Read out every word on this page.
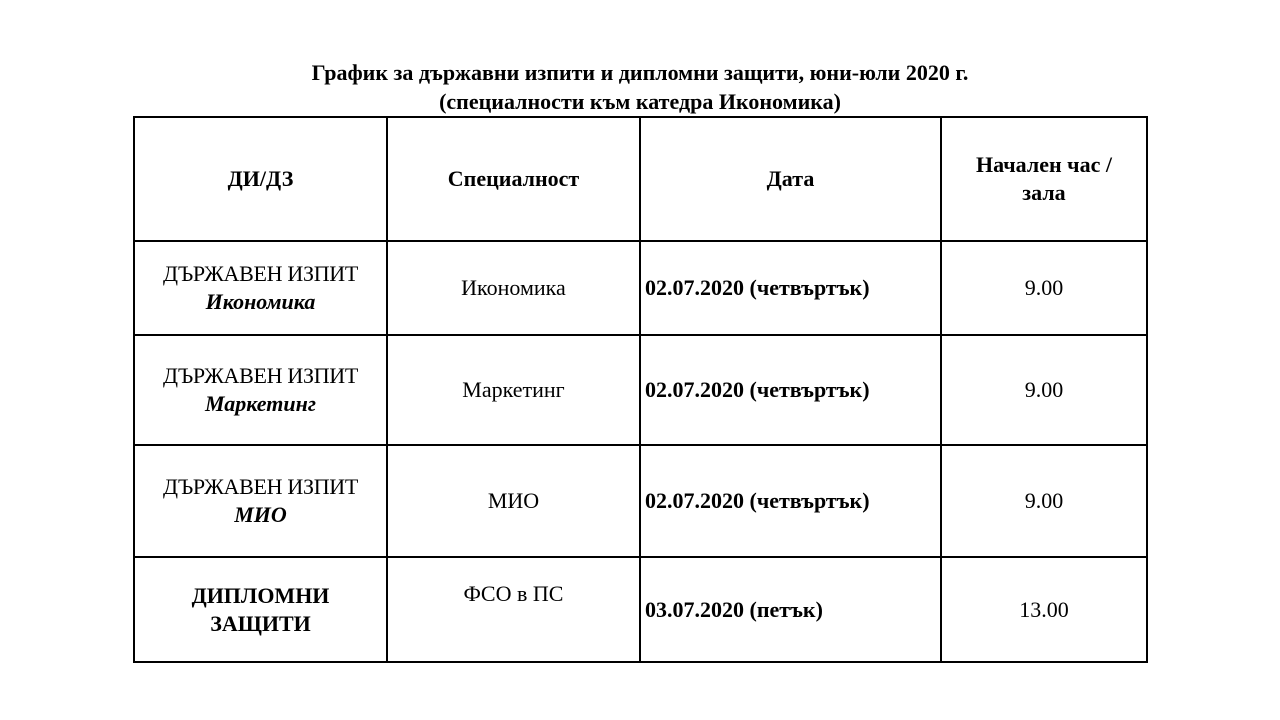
График за държавни изпити и дипломни защити, юни-юли 2020 г.
(специалности към катедра Икономика)
ДИ/ДЗ	Специалност	Дата	Начален час /
зала

ДЪРЖАВЕН ИЗПИТ
Икономика	Икономика	02.07.2020 (четвъртък)	9.00

ДЪРЖАВЕН ИЗПИТ
Маркетинг	Маркетинг	02.07.2020 (четвъртък)	9.00

ДЪРЖАВЕН ИЗПИТ
МИО	МИО	02.07.2020 (четвъртък)	9.00

ДИПЛОМНИ
ЗАЩИТИ	ФСО в ПС	03.07.2020 (петък)	13.00
